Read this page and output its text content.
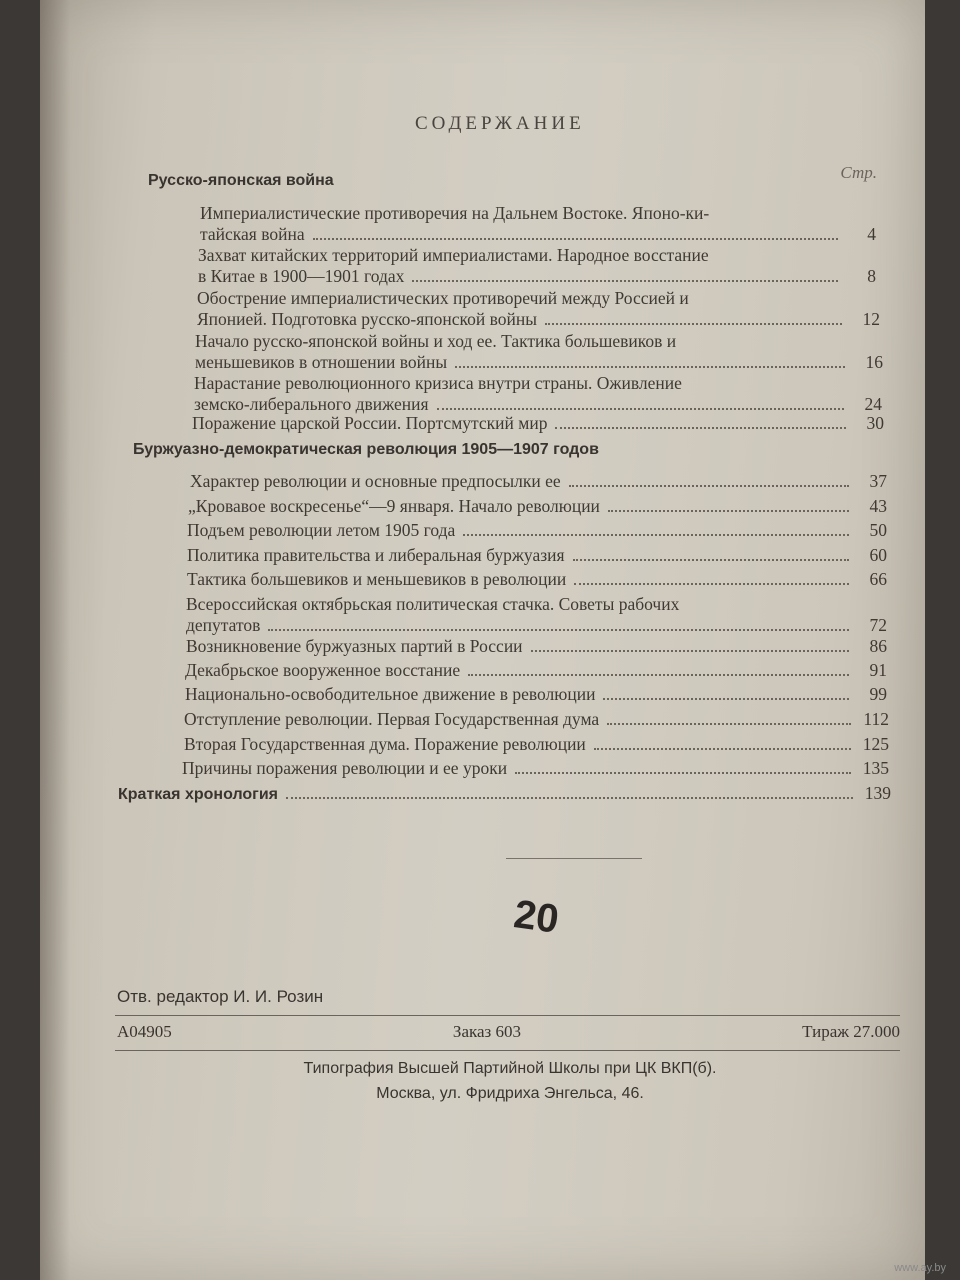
СОДЕРЖАНИЕ
Стр.
Русско-японская война
Империалистические противоречия на Дальнем Востоке. Японо-ки-
тайская война	4
Захват китайских территорий империалистами. Народное восстание
в Китае в 1900—1901 годах	8
Обострение империалистических противоречий между Россией и
Японией. Подготовка русско-японской войны	12
Начало русско-японской войны и ход ее. Тактика большевиков и
меньшевиков в отношении войны	16
Нарастание революционного кризиса внутри страны. Оживление
земско-либерального движения	24
Поражение царской России. Портсмутский мир	30
Буржуазно-демократическая революция 1905—1907 годов
Характер революции и основные предпосылки ее	37
„Кровавое воскресенье“—9 января. Начало революции	43
Подъем революции летом 1905 года	50
Политика правительства и либеральная буржуазия	60
Тактика большевиков и меньшевиков в революции	66
Всероссийская октябрьская политическая стачка. Советы рабочих
депутатов	72
Возникновение буржуазных партий в России	86
Декабрьское вооруженное восстание	91
Национально-освободительное движение в революции	99
Отступление революции. Первая Государственная дума	112
Вторая Государственная дума. Поражение революции	125
Причины поражения революции и ее уроки	135
Краткая хронология	139
20
Отв. редактор И. И. Розин
А04905	Заказ 603	Тираж 27.000
Типография Высшей Партийной Школы при ЦК ВКП(б).
Москва, ул. Фридриха Энгельса, 46.
www.ay.by
